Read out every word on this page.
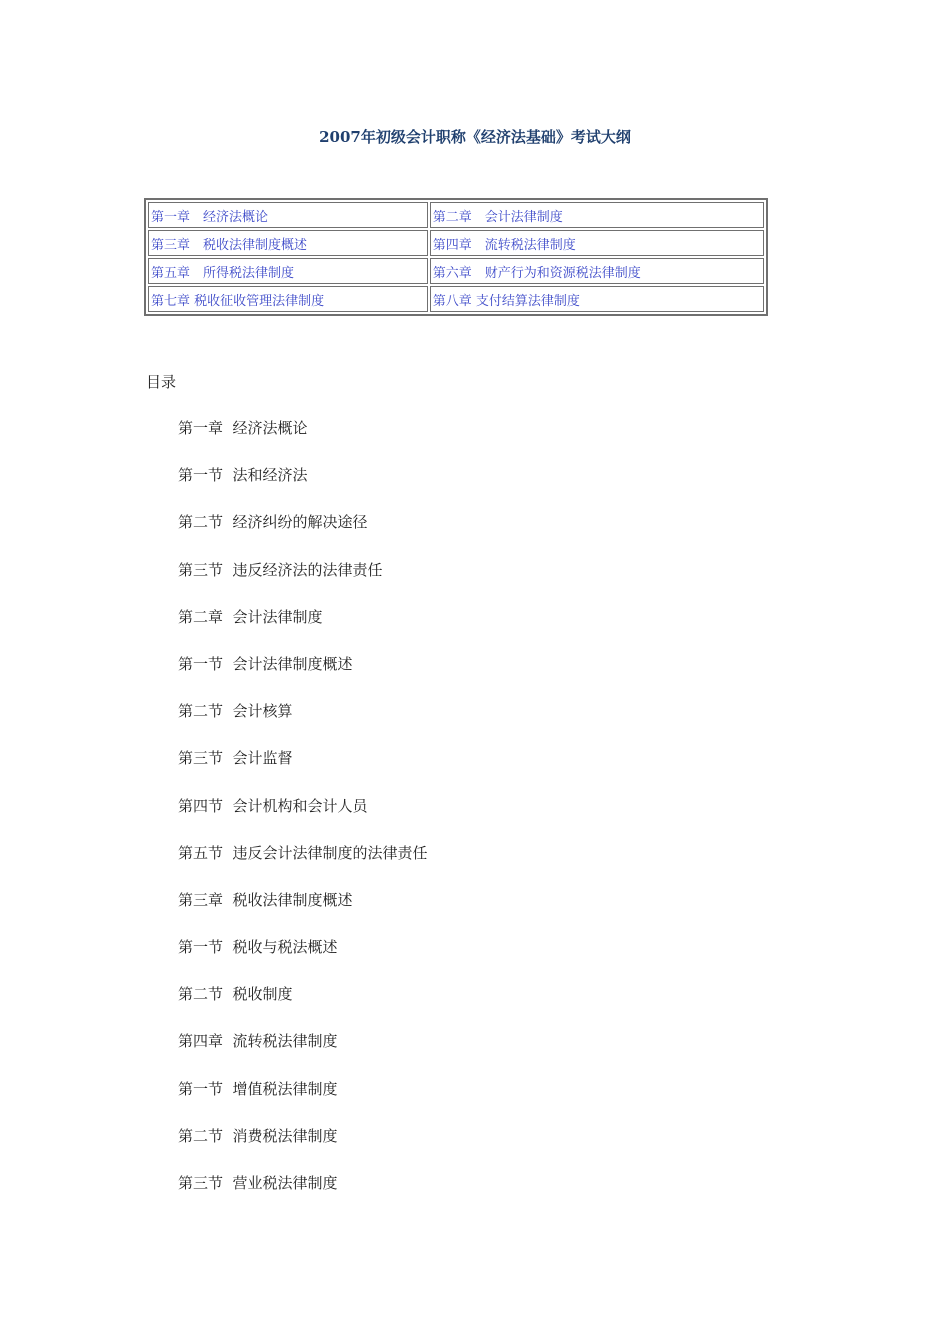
2007年初级会计职称《经济法基础》考试大纲
第一章　经济法概论	第二章　会计法律制度
第三章　税收法律制度概述	第四章　流转税法律制度
第五章　所得税法律制度	第六章　财产行为和资源税法律制度
第七章 税收征收管理法律制度	第八章 支付结算法律制度
目录
第一章  经济法概论
第一节  法和经济法
第二节  经济纠纷的解决途径
第三节  违反经济法的法律责任
第二章  会计法律制度
第一节  会计法律制度概述
第二节  会计核算
第三节  会计监督
第四节  会计机构和会计人员
第五节  违反会计法律制度的法律责任
第三章  税收法律制度概述
第一节  税收与税法概述
第二节  税收制度
第四章  流转税法律制度
第一节  增值税法律制度
第二节  消费税法律制度
第三节  营业税法律制度
